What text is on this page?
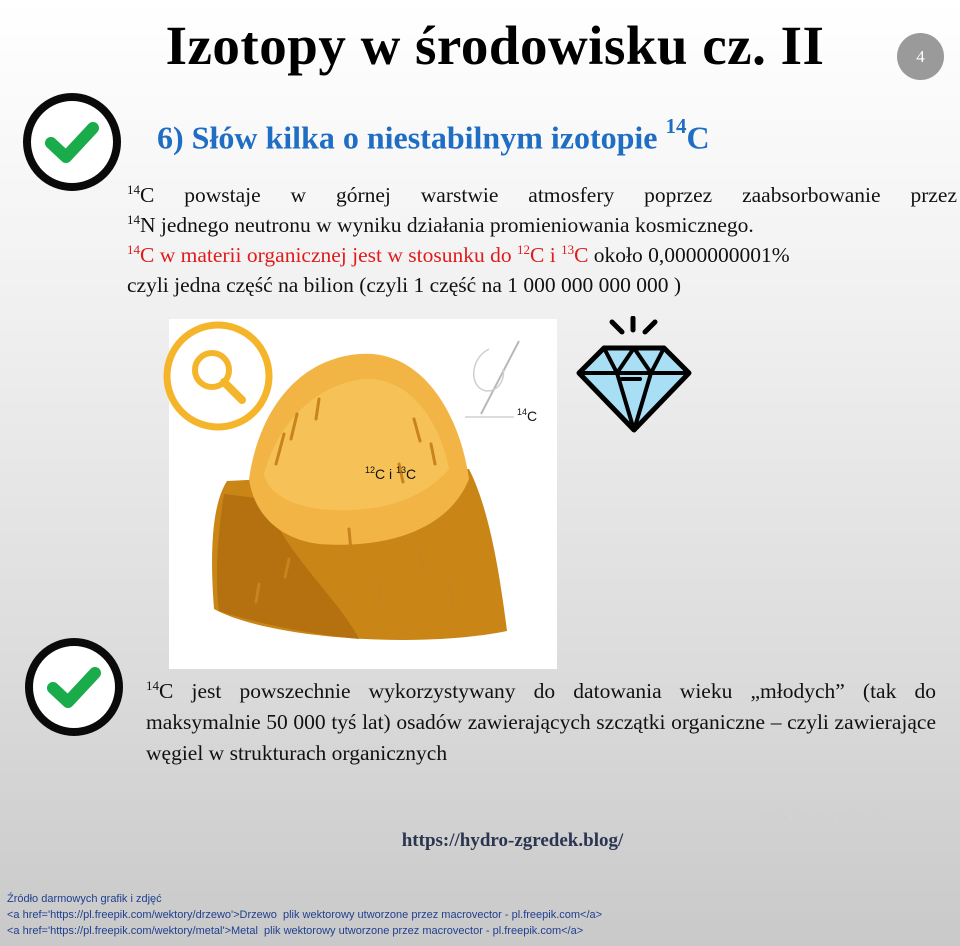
Izotopy w środowisku cz. II	4
6) Słów kilka o niestabilnym izotopie $^{14}$C
$^{14}$C powstaje w górnej warstwie atmosfery poprzez zaabsorbowanie przez
$^{14}$N jednego neutronu w wyniku działania promieniowania kosmicznego.
$^{14}$C w materii organicznej jest w stosunku do $^{12}$C i $^{13}$C około 0,0000000001%
czyli jedna część na bilion (czyli 1 część na 1 000 000 000 000 )
$^{14}$C
$^{12}$C i $^{13}$C
$^{14}$C jest powszechnie wykorzystywany do datowania wieku „młodych” (tak do maksymalnie 50 000 tyś lat) osadów zawierających szczątki organiczne – czyli zawierające węgiel w strukturach organicznych
Zdjęcie pochodzi z Pexels.com
https://hydro-zgredek.blog/
Źródło darmowych grafik i zdjęć
<a href='https://pl.freepik.com/wektory/drzewo'>Drzewo  plik wektorowy utworzone przez macrovector - pl.freepik.com</a>
<a href='https://pl.freepik.com/wektory/metal'>Metal  plik wektorowy utworzone przez macrovector - pl.freepik.com</a>
